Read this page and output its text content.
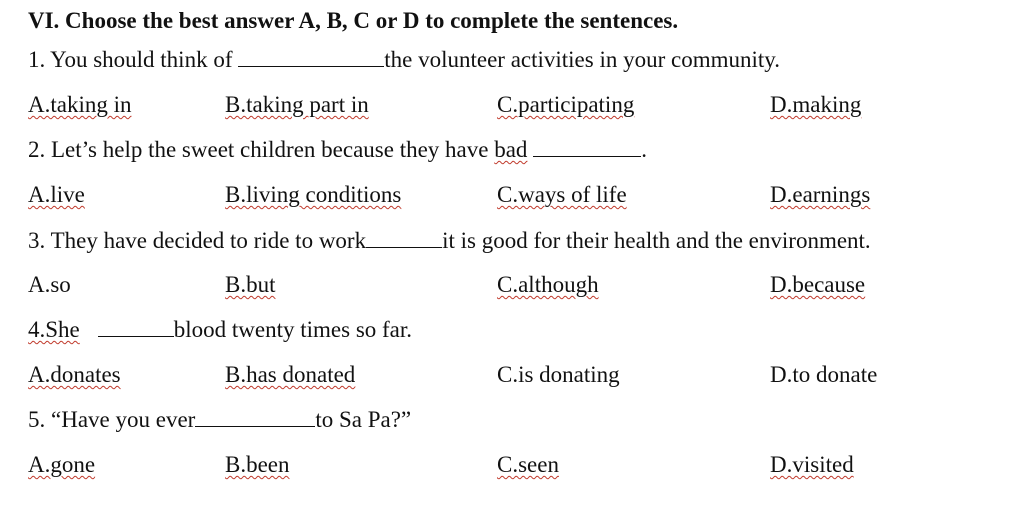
VI. Choose the best answer A, B, C or D to complete the sentences.
1. You should think of	the volunteer activities in your community.
A.taking in	B.taking part in	C.participating	D.making
2. Let’s help the sweet children because they have bad	.
A.live	B.living conditions	C.ways of life	D.earnings
3. They have decided to ride to work	it is good for their health and the environment.
A.so	B.but	C.although	D.because
4.She	blood twenty times so far.
A.donates	B.has donated	C.is donating	D.to donate
5. “Have you ever	to Sa Pa?”
A.gone	B.been	C.seen	D.visited
